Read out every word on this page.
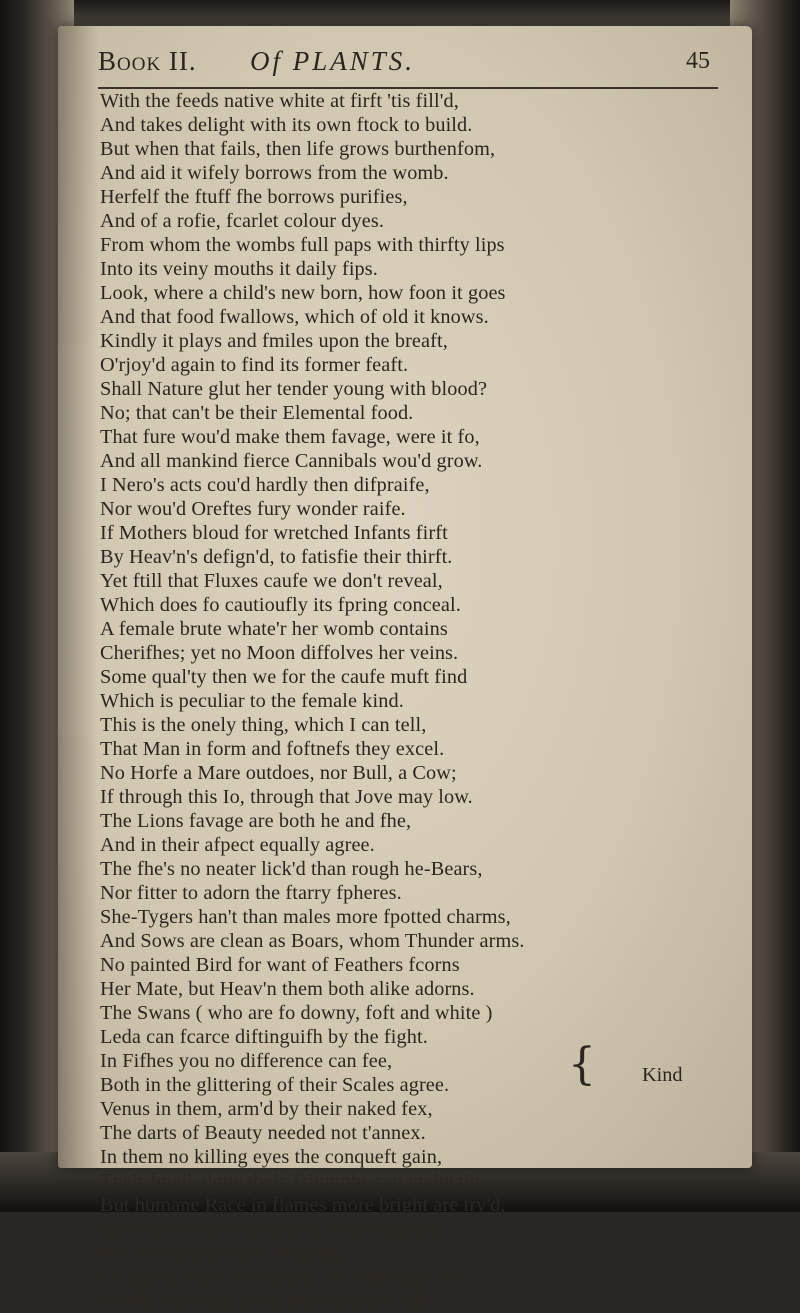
Book II. Of PLANTS.	45
With the feeds native white at firft 'tis fill'd,
And takes delight with its own ftock to build.
But when that fails, then life grows burthenfom,
And aid it wifely borrows from the womb.
Herfelf the ftuff fhe borrows purifies,
And of a rofie, fcarlet colour dyes.
From whom the wombs full paps with thirfty lips
Into its veiny mouths it daily fips.
Look, where a child's new born, how foon it goes
And that food fwallows, which of old it knows.
Kindly it plays and fmiles upon the breaft,
O'rjoy'd again to find its former feaft.
Shall Nature glut her tender young with blood?
No; that can't be their Elemental food.
That fure wou'd make them favage, were it fo,
And all mankind fierce Cannibals wou'd grow.
I Nero's acts cou'd hardly then difpraife,
Nor wou'd Oreftes fury wonder raife.
If Mothers bloud for wretched Infants firft
By Heav'n's defign'd, to fatisfie their thirft.
Yet ftill that Fluxes caufe we don't reveal,
Which does fo cautioufly its fpring conceal.
A female brute whate'r her womb contains
Cherifhes; yet no Moon diffolves her veins.
Some qual'ty then we for the caufe muft find
Which is peculiar to the female kind.
This is the onely thing, which I can tell,
That Man in form and foftnefs they excel.
No Horfe a Mare outdoes, nor Bull, a Cow;
If through this Io, through that Jove may low.
The Lions favage are both he and fhe,
And in their afpect equally agree.
The fhe's no neater lick'd than rough he-Bears,
Nor fitter to adorn the ftarry fpheres.
She-Tygers han't than males more fpotted charms,
And Sows are clean as Boars, whom Thunder arms.
No painted Bird for want of Feathers fcorns
Her Mate, but Heav'n them both alike adorns.
The Swans ( who are fo downy, foft and white )
Leda can fcarce diftinguifh by the fight.
In Fifhes you no difference can fee,
Both in the glittering of their Scales agree.
Venus in them, arm'd by their naked fex,
The darts of Beauty needed not t'annex.
In them no killing eyes the conqueft gain,
Their fmell alone their Triumphs can maintain.
But humane Race in flames more bright are try'd,
By Reafon and refplendent Heat fupply'd.
Nor is Fruition their Original,
( A paltry, fhort-liv'd joy ) Oh! may they All
Perifh, who that alone true Pleafure call.
{ Kind
